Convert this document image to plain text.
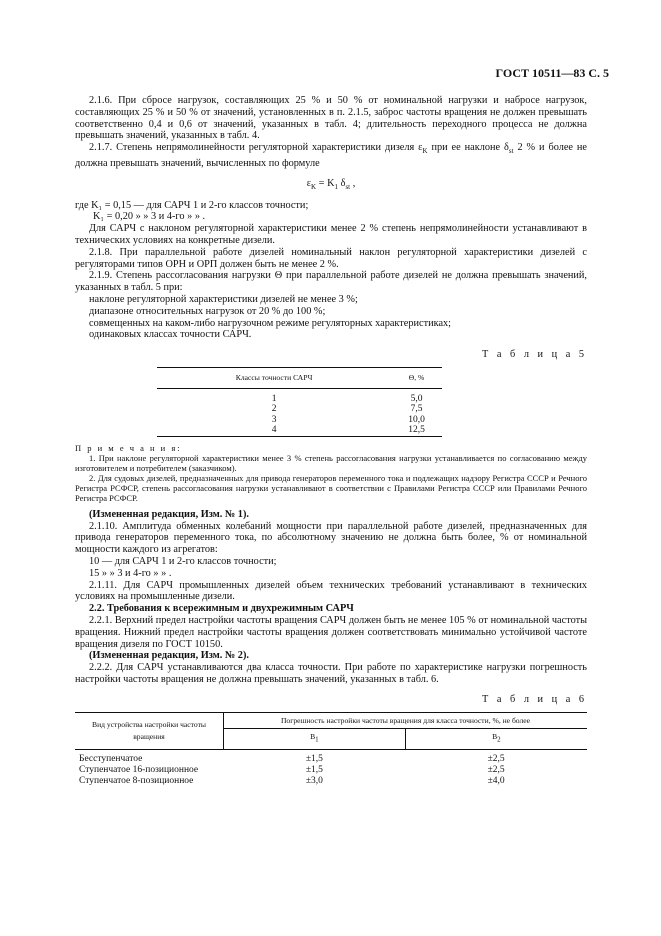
ГОСТ 10511—83 С. 5

2.1.6. При сбросе нагрузок, составляющих 25 % и 50 % от номинальной нагрузки и набросе нагрузок, составляющих 25 % и 50 % от значений, установленных в п. 2.1.5, заброс частоты вращения не должен превышать соответственно 0,4 и 0,6 от значений, указанных в табл. 4; длительность переходного процесса не должна превышать значений, указанных в табл. 4.

2.1.7. Степень непрямолинейности регуляторной характеристики дизеля $\varepsilon_K$ при ее наклоне $\delta_{st}$ 2 % и более не должна превышать значений, вычисленных по формуле

$\varepsilon_K = K_1$ $\delta_{st}$ ,

где K₁ = 0,15 — для САРЧ 1 и 2-го классов точности;

K₁ = 0,20 » » 3 и 4-го » » .

Для САРЧ с наклоном регуляторной характеристики менее 2 % степень непрямолинейности устанавливают в технических условиях на конкретные дизели.

2.1.8. При параллельной работе дизелей номинальный наклон регуляторной характеристики дизелей с регуляторами типов ОРН и ОРП должен быть не менее 2 %.

2.1.9. Степень рассогласования нагрузки Θ при параллельной работе дизелей не должна превышать значений, указанных в табл. 5 при:

наклоне регуляторной характеристики дизелей не менее 3 %;

диапазоне относительных нагрузок от 20 % до 100 %;

совмещенных на каком-либо нагрузочном режиме регуляторных характеристиках;

одинаковых классах точности САРЧ.

Т а б л и ц а 5
Классы точности САРЧ	Θ, %
1	5,0
2	7,5
3	10,0
4	12,5

П р и м е ч а н и я:

1. При наклоне регуляторной характеристики менее 3 % степень рассогласования нагрузки устанавливается по согласованию между изготовителем и потребителем (заказчиком).

2. Для судовых дизелей, предназначенных для привода генераторов переменного тока и подлежащих надзору Регистра СССР и Речного Регистра РСФСР, степень рассогласования нагрузки устанавливают в соответствии с Правилами Регистра СССР или Правилами Речного Регистра РСФСР.

(Измененная редакция, Изм. № 1).

2.1.10. Амплитуда обменных колебаний мощности при параллельной работе дизелей, предназначенных для привода генераторов переменного тока, по абсолютному значению не должна быть более, % от номинальной мощности каждого из агрегатов:

10 — для САРЧ 1 и 2-го классов точности;

15 » » 3 и 4-го » » .

2.1.11. Для САРЧ промышленных дизелей объем технических требований устанавливают в технических условиях на промышленные дизели.

2.2. Требования к всережимным и двухрежимным САРЧ

2.2.1. Верхний предел настройки частоты вращения САРЧ должен быть не менее 105 % от номинальной частоты вращения. Нижний предел настройки частоты вращения должен соответствовать минимально устойчивой частоте вращения дизеля по ГОСТ 10150.

(Измененная редакция, Изм. № 2).

2.2.2. Для САРЧ устанавливаются два класса точности. При работе по характеристике нагрузки погрешность настройки частоты вращения не должна превышать значений, указанных в табл. 6.

Т а б л и ц а 6
Вид устройства настройки частоты вращения	Погрешность настройки частоты вращения для класса точности, %, не более	
	B1	B2
Бесступенчатое	±1,5	±2,5
Ступенчатое 16-позиционное	±1,5	±2,5
Ступенчатое 8-позиционное	±3,0	±4,0
